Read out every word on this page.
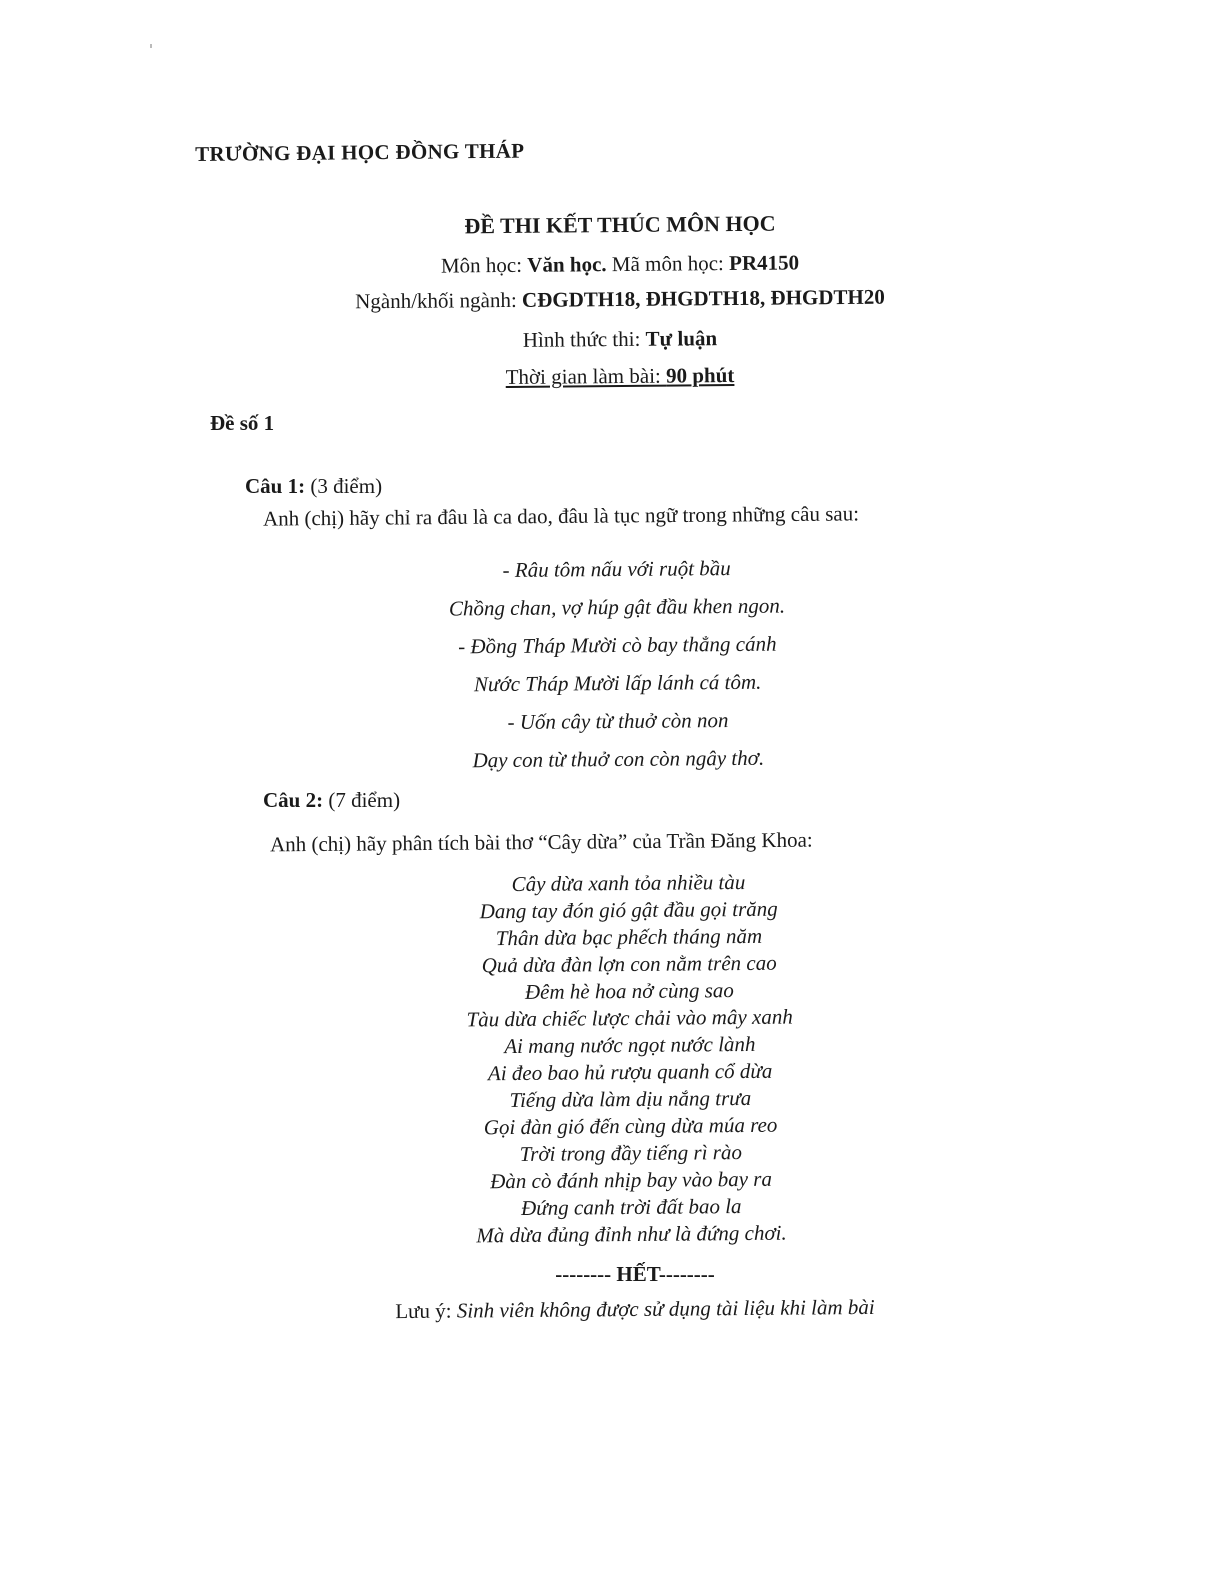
TRƯỜNG ĐẠI HỌC ĐỒNG THÁP
ĐỀ THI KẾT THÚC MÔN HỌC
Môn học: Văn học. Mã môn học: PR4150
Ngành/khối ngành: CĐGDTH18, ĐHGDTH18, ĐHGDTH20
Hình thức thi: Tự luận
Thời gian làm bài: 90 phút
Đề số 1
Câu 1: (3 điểm)
Anh (chị) hãy chỉ ra đâu là ca dao, đâu là tục ngữ trong những câu sau:
- Râu tôm nấu với ruột bầu
Chồng chan, vợ húp gật đầu khen ngon.
- Đồng Tháp Mười cò bay thẳng cánh
Nước Tháp Mười lấp lánh cá tôm.
- Uốn cây từ thuở còn non
Dạy con từ thuở con còn ngây thơ.
Câu 2: (7 điểm)
Anh (chị) hãy phân tích bài thơ “Cây dừa” của Trần Đăng Khoa:
Cây dừa xanh tỏa nhiều tàu
Dang tay đón gió gật đầu gọi trăng
Thân dừa bạc phếch tháng năm
Quả dừa đàn lợn con nằm trên cao
Đêm hè hoa nở cùng sao
Tàu dừa chiếc lược chải vào mây xanh
Ai mang nước ngọt nước lành
Ai đeo bao hủ rượu quanh cổ dừa
Tiếng dừa làm dịu nắng trưa
Gọi đàn gió đến cùng dừa múa reo
Trời trong đầy tiếng rì rào
Đàn cò đánh nhịp bay vào bay ra
Đứng canh trời đất bao la
Mà dừa đủng đỉnh như là đứng chơi.
-------- HẾT--------
Lưu ý: Sinh viên không được sử dụng tài liệu khi làm bài
